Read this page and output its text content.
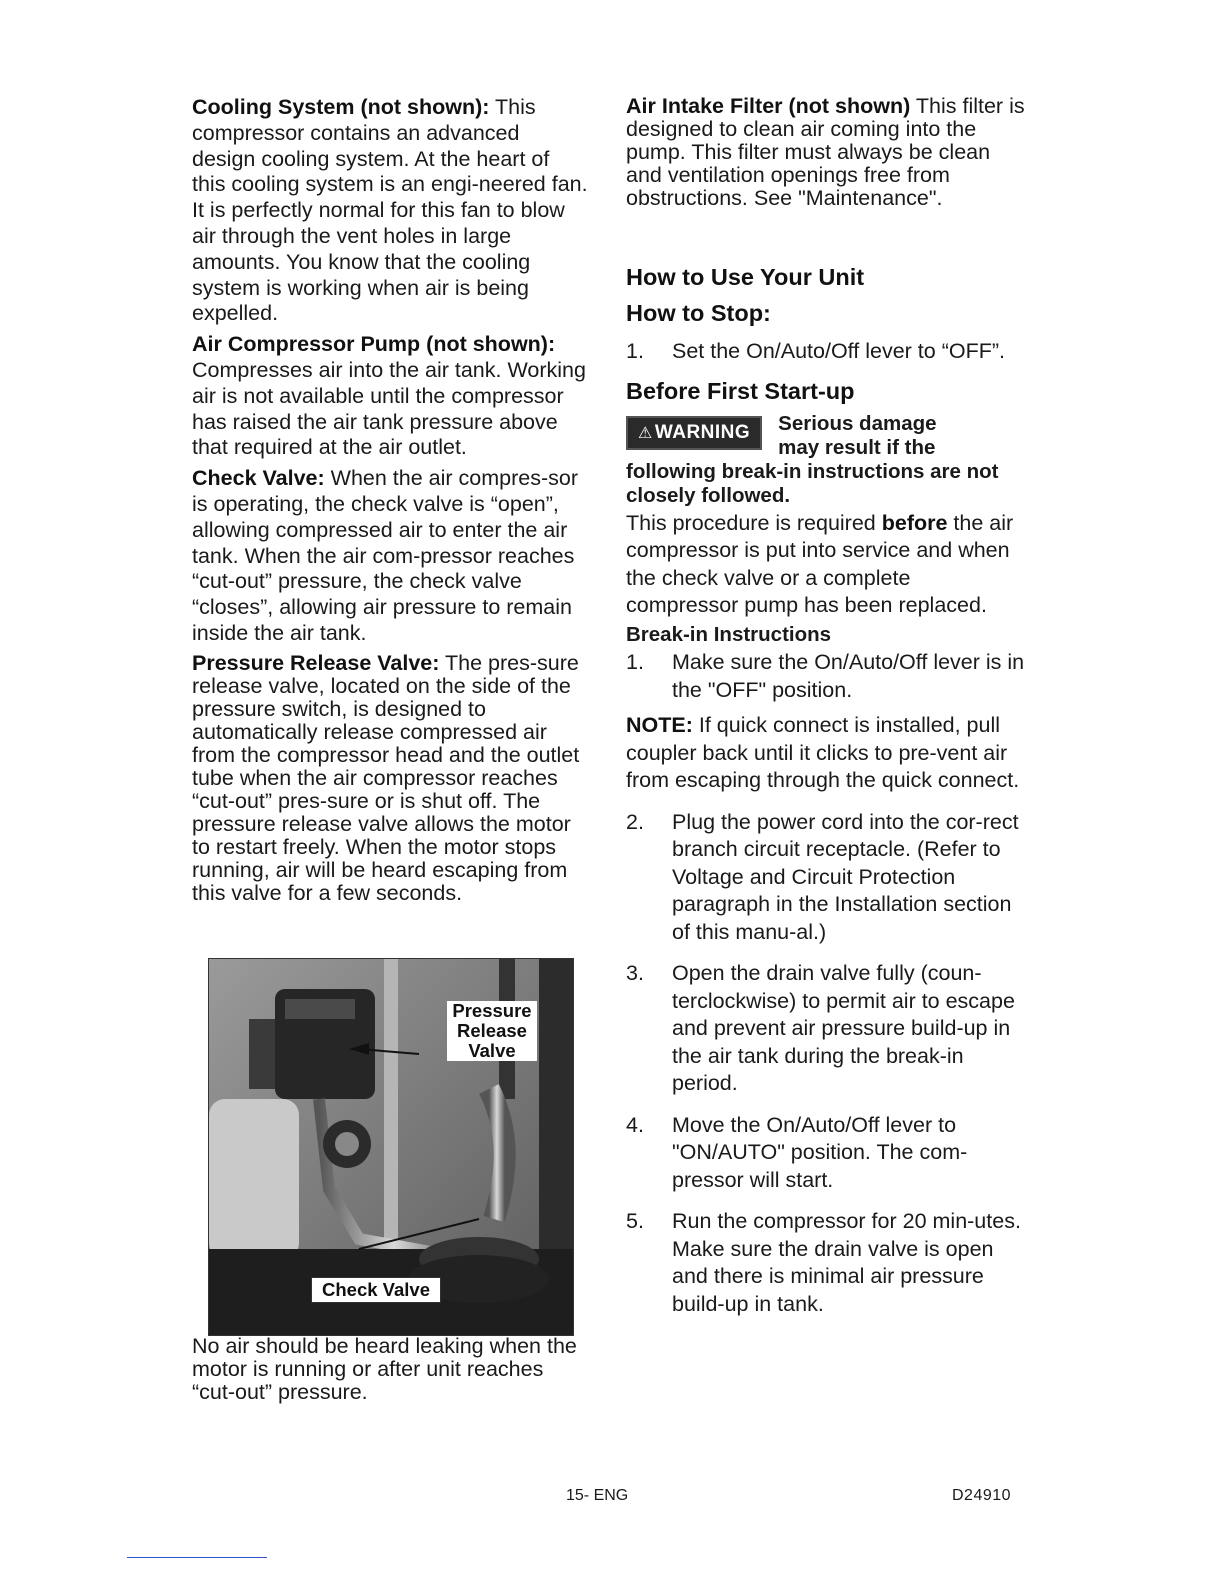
Cooling System (not shown): This compressor contains an advanced design cooling system. At the heart of this cooling system is an engi-neered fan. It is perfectly normal for this fan to blow air through the vent holes in large amounts. You know that the cooling system is working when air is being expelled.

Air Compressor Pump (not shown): Compresses air into the air tank. Working air is not available until the compressor has raised the air tank pressure above that required at the air outlet.

Check Valve: When the air compres-sor is operating, the check valve is “open”, allowing compressed air to enter the air tank. When the air com-pressor reaches “cut-out” pressure, the check valve “closes”, allowing air pressure to remain inside the air tank.

Pressure Release Valve: The pres-sure release valve, located on the side of the pressure switch, is designed to automatically release compressed air from the compressor head and the outlet tube when the air compressor reaches “cut-out” pres-sure or is shut off. The pressure release valve allows the motor to restart freely. When the motor stops running, air will be heard escaping from this valve for a few seconds.

Pressure
Release
Valve
Check Valve

No air should be heard leaking when the motor is running or after unit reaches “cut-out” pressure.

Air Intake Filter (not shown) This filter is designed to clean air coming into the pump. This filter must always be clean and ventilation openings free from obstructions. See "Maintenance".

How to Use Your Unit
How to Stop:
1.	Set the On/Auto/Off lever to “OFF”.
Before First Start-up
⚠ WARNING	Serious damage
may result if the

following break-in instructions are not closely followed.

This procedure is required before the air compressor is put into service and when the check valve or a complete compressor pump has been replaced.

Break-in Instructions

1.	Make sure the On/Auto/Off lever is in the "OFF" position.

NOTE: If quick connect is installed, pull coupler back until it clicks to pre-vent air from escaping through the quick connect.

2.	Plug the power cord into the cor-rect branch circuit receptacle. (Refer to Voltage and Circuit Protection paragraph in the Installation section of this manu-al.)
3.	Open the drain valve fully (coun-terclockwise) to permit air to escape and prevent air pressure build-up in the air tank during the break-in period.
4.	Move the On/Auto/Off lever to "ON/AUTO" position. The com-pressor will start.
5.	Run the compressor for 20 min-utes. Make sure the drain valve is open and there is minimal air pressure build-up in tank.
15- ENG	D24910
